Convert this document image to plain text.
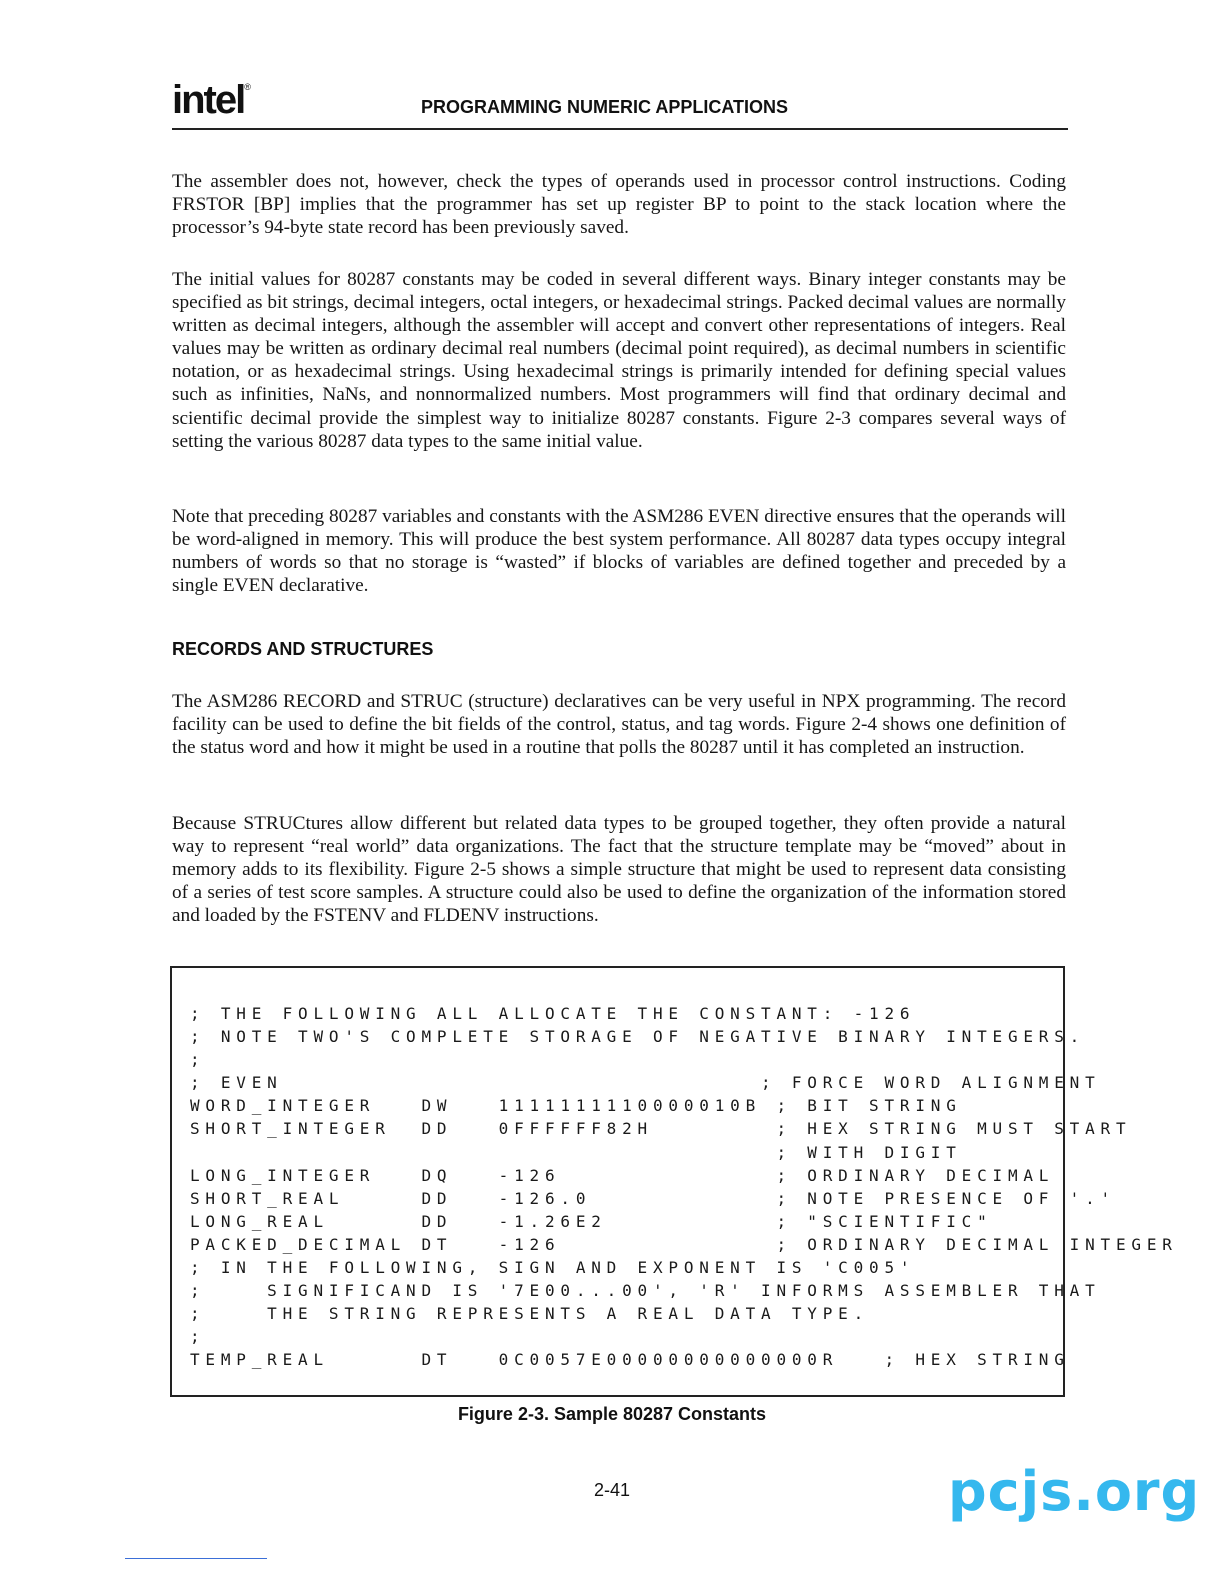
intel®
PROGRAMMING NUMERIC APPLICATIONS

The assembler does not, however, check the types of operands used in processor control instructions. Coding FRSTOR [BP] implies that the programmer has set up register BP to point to the stack location where the processor’s 94-byte state record has been previously saved.

The initial values for 80287 constants may be coded in several different ways. Binary integer constants may be specified as bit strings, decimal integers, octal integers, or hexadecimal strings. Packed decimal values are normally written as decimal integers, although the assembler will accept and convert other representations of integers. Real values may be written as ordinary decimal real numbers (decimal point required), as decimal numbers in scientific notation, or as hexadecimal strings. Using hexadecimal strings is primarily intended for defining special values such as infinities, NaNs, and nonnormalized numbers. Most programmers will find that ordinary decimal and scientific decimal provide the simplest way to initialize 80287 constants. Figure 2-3 compares several ways of setting the various 80287 data types to the same initial value.

Note that preceding 80287 variables and constants with the ASM286 EVEN directive ensures that the operands will be word-aligned in memory. This will produce the best system performance. All 80287 data types occupy integral numbers of words so that no storage is “wasted” if blocks of variables are defined together and preceded by a single EVEN declarative.

RECORDS AND STRUCTURES

The ASM286 RECORD and STRUC (structure) declaratives can be very useful in NPX programming. The record facility can be used to define the bit fields of the control, status, and tag words. Figure 2-4 shows one definition of the status word and how it might be used in a routine that polls the 80287 until it has completed an instruction.

Because STRUCtures allow different but related data types to be grouped together, they often provide a natural way to represent “real world” data organizations. The fact that the structure template may be “moved” about in memory adds to its flexibility. Figure 2-5 shows a simple structure that might be used to represent data consisting of a series of test score samples. A structure could also be used to define the organization of the information stored and loaded by the FSTENV and FLDENV instructions.

; THE FOLLOWING ALL ALLOCATE THE CONSTANT: -126
; NOTE TWO'S COMPLETE STORAGE OF NEGATIVE BINARY INTEGERS.
;
; EVEN                               ; FORCE WORD ALIGNMENT
WORD_INTEGER   DW   1111111110000010B ; BIT STRING
SHORT_INTEGER  DD   0FFFFFF82H        ; HEX STRING MUST START
; WITH DIGIT
LONG_INTEGER   DQ   -126              ; ORDINARY DECIMAL
SHORT_REAL     DD   -126.0            ; NOTE PRESENCE OF '.'
LONG_REAL      DD   -1.26E2           ; "SCIENTIFIC"
PACKED_DECIMAL DT   -126              ; ORDINARY DECIMAL INTEGER
; IN THE FOLLOWING, SIGN AND EXPONENT IS 'C005'
;    SIGNIFICAND IS '7E00...00', 'R' INFORMS ASSEMBLER THAT
;    THE STRING REPRESENTS A REAL DATA TYPE.
;
TEMP_REAL      DT   0C0057E00000000000000R   ; HEX STRING
Figure 2-3. Sample 80287 Constants
2-41	pcjs.org
